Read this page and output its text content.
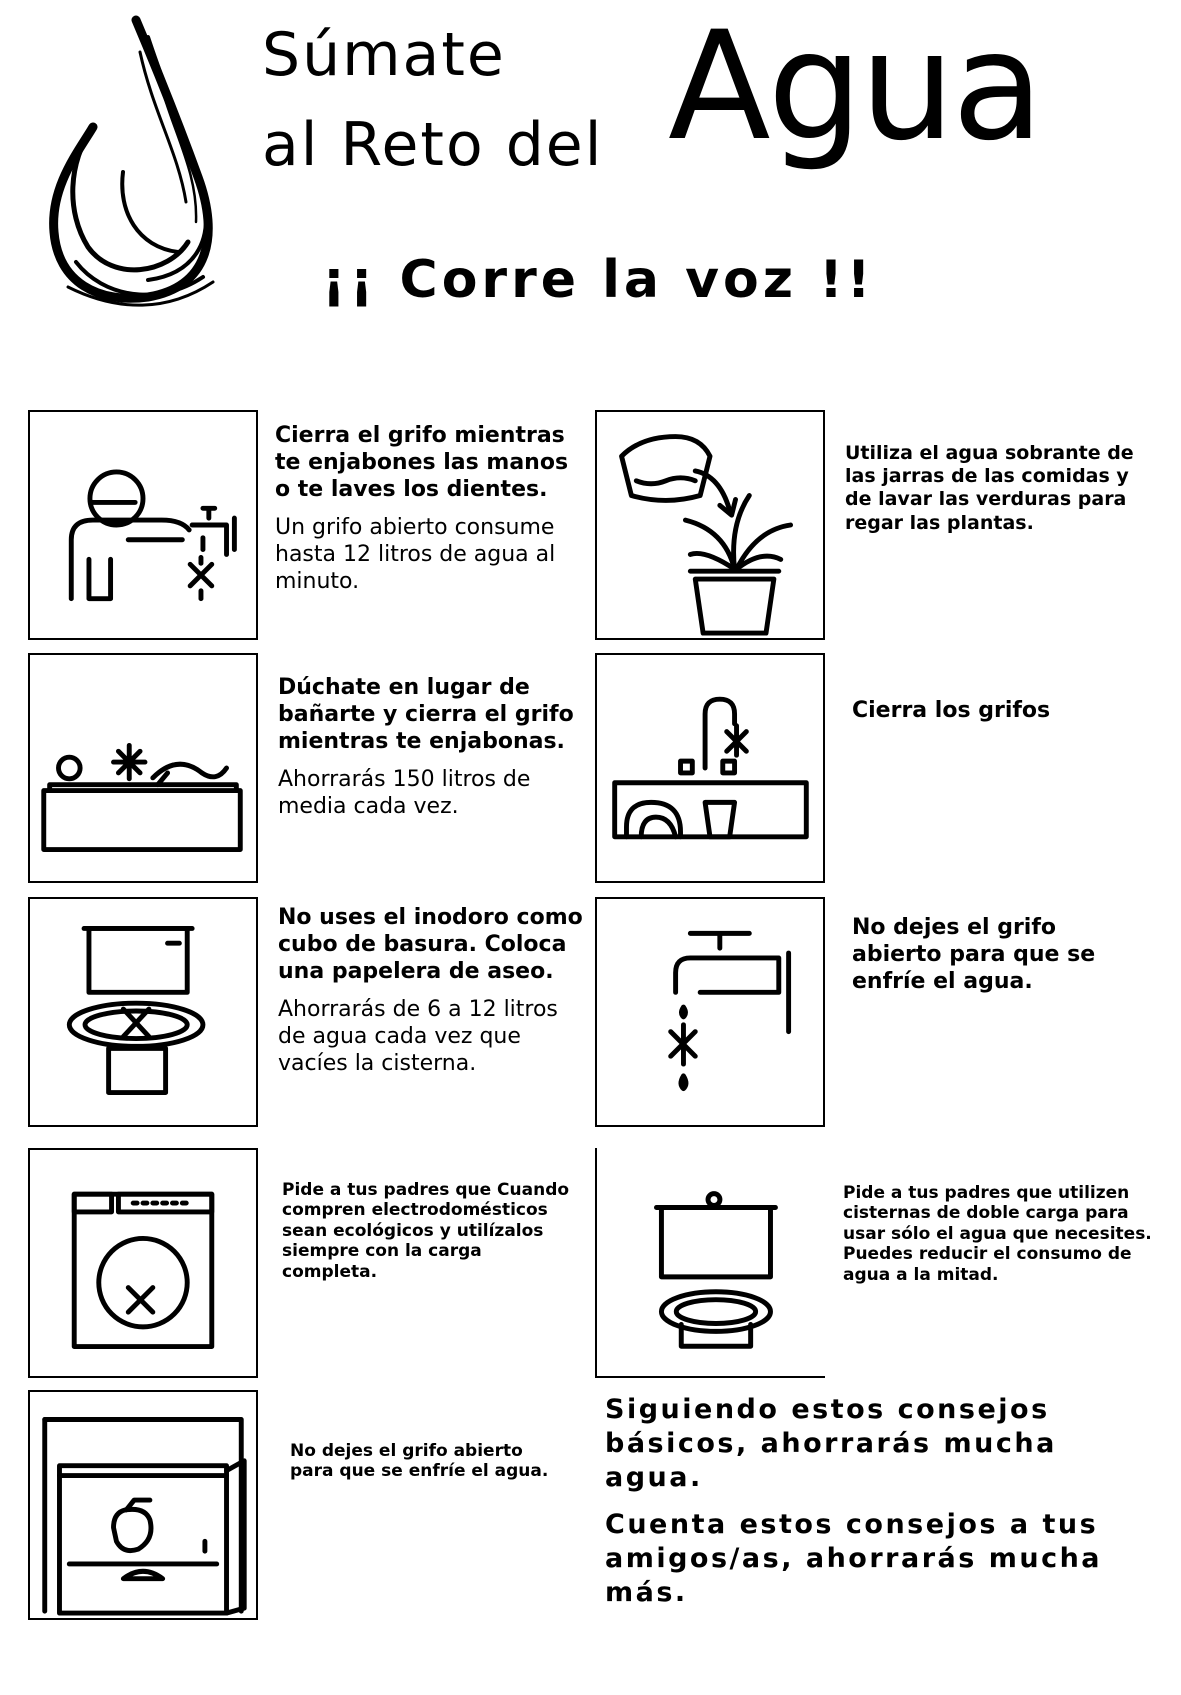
Súmate
al Reto del Agua
¡¡ Corre la voz !!

Cierra el grifo mientras te enjabones las manos o te laves los dientes.

Un grifo abierto consume hasta 12 litros de agua al minuto.

Utiliza el agua sobrante de las jarras de las comidas y de lavar las verduras para regar las plantas.

Dúchate en lugar de bañarte y cierra el grifo mientras te enjabonas.

Ahorrarás 150 litros de media cada vez.

Cierra los grifos

No uses el inodoro como cubo de basura. Coloca una papelera de aseo.

Ahorrarás de 6 a 12 litros de agua cada vez que vacíes la cisterna.

No dejes el grifo abierto para que se enfríe el agua.

Pide a tus padres que Cuando compren electrodomésticos sean ecológicos y utilízalos siempre con la carga completa.

Pide a tus padres que utilizen cisternas de doble carga para usar sólo el agua que necesites. Puedes reducir el consumo de agua a la mitad.

No dejes el grifo abierto para que se enfríe el agua.

Siguiendo estos consejos básicos, ahorrarás mucha agua.

Cuenta estos consejos a tus amigos/as, ahorrarás mucha más.
